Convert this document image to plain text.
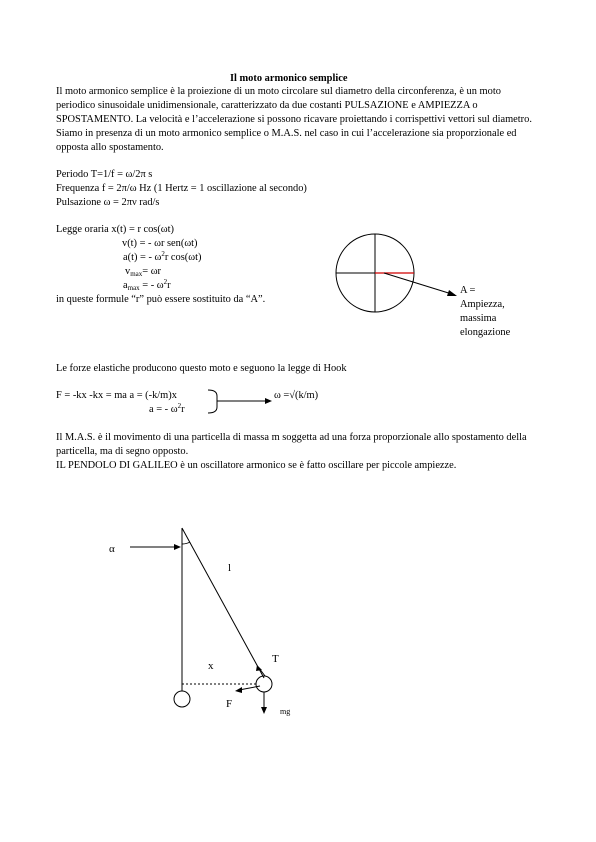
Il moto armonico semplice

Il moto armonico semplice è la proiezione di un moto circolare sul diametro della circonferenza, è un moto periodico sinusoidale unidimensionale, caratterizzato da due costanti PULSAZIONE e AMPIEZZA o SPOSTAMENTO. La velocità e l’accelerazione si possono ricavare proiettando i corrispettivi vettori sul diametro. Siamo in presenza di un moto armonico semplice o M.A.S. nel caso in cui l’accelerazione sia proporzionale ed opposta allo spostamento.

Periodo T=1/f = ω/2π s
Frequenza f = 2π/ω Hz (1 Hertz = 1 oscillazione al secondo)
Pulsazione ω = 2πν rad/s
Legge oraria x(t) = r cos(ωt)
v(t) = - ωr sen(ωt)
a(t) = - $\omega^2r$ cos(ωt)
$v_{max}= \omega r$
$a_{max}$ = - $\omega^2r$
in queste formule “r” può essere sostituito da “A”.
A =
Ampiezza,
massima
elongazione
Le forze elastiche producono questo moto e seguono la legge di Hook
F = -kx -kx = ma a = (-k/m)x
a = - $\omega^2r$
ω =√(k/m)

Il M.A.S. è il movimento di una particella di massa m soggetta ad una forza proporzionale allo spostamento della particella, ma di segno opposto.

IL PENDOLO DI GALILEO è un oscillatore armonico se è fatto oscillare per piccole ampiezze.

α
l
x
F
T
mg
